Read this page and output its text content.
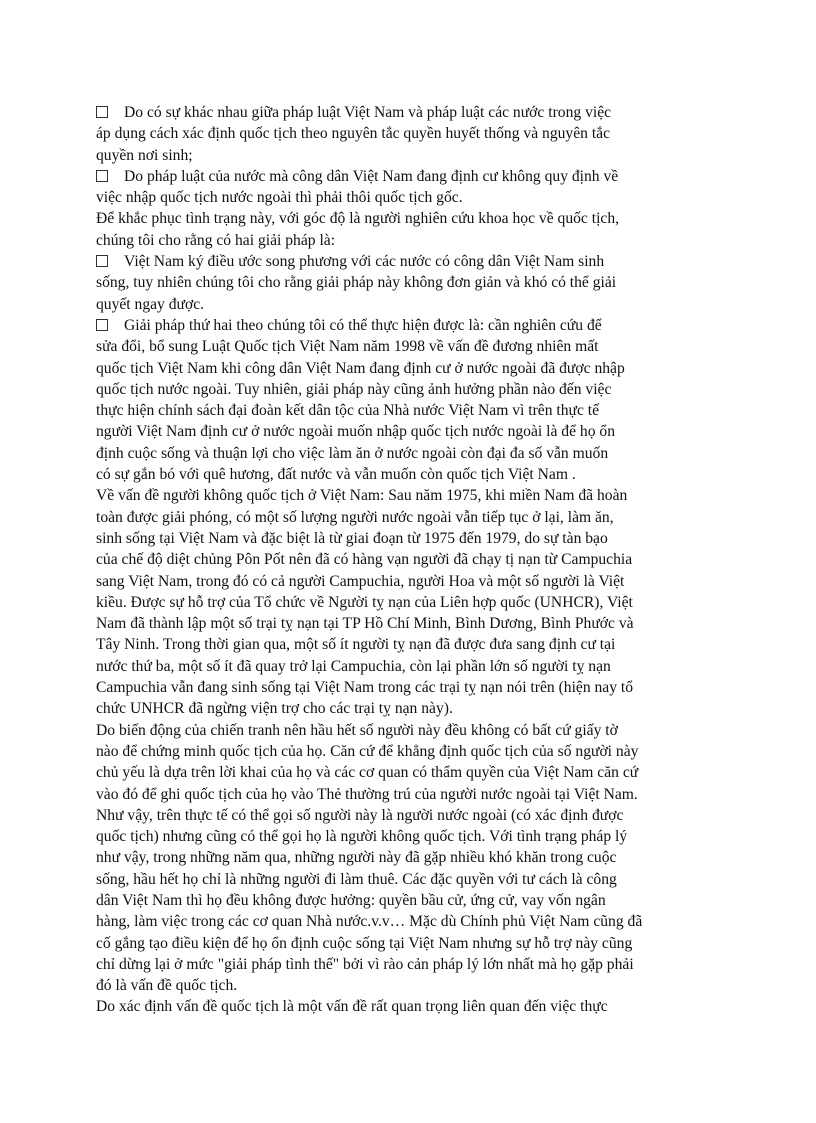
Do có sự khác nhau giữa pháp luật Việt Nam và pháp luật các nước trong việc
áp dụng cách xác định quốc tịch theo nguyên tắc quyền huyết thống và nguyên tắc
quyền nơi sinh;
Do pháp luật của nước mà công dân Việt Nam đang định cư không quy định về
việc nhập quốc tịch nước ngoài thì phải thôi quốc tịch gốc.
Để khắc phục tình trạng này, với góc độ là người nghiên cứu khoa học về quốc tịch,
chúng tôi cho rằng có hai giải pháp là:
Việt Nam ký điều ước song phương với các nước có công dân Việt Nam sinh
sống, tuy nhiên chúng tôi cho rằng giải pháp này không đơn giản và khó có thể giải
quyết ngay được.
Giải pháp thứ hai theo chúng tôi có thể thực hiện được là: cần nghiên cứu để
sửa đổi, bổ sung Luật Quốc tịch Việt Nam năm 1998 về vấn đề đương nhiên mất
quốc tịch Việt Nam khi công dân Việt Nam đang định cư ở nước ngoài đã được nhập
quốc tịch nước ngoài. Tuy nhiên, giải pháp này cũng ảnh hưởng phần nào đến việc
thực hiện chính sách đại đoàn kết dân tộc của Nhà nước Việt Nam vì trên thực tế
người Việt Nam định cư ở nước ngoài muốn nhập quốc tịch nước ngoài là để họ ổn
định cuộc sống và thuận lợi cho việc làm ăn ở nước ngoài còn đại đa số vẫn muốn
có sự gắn bó với quê hương, đất nước và vẫn muốn còn quốc tịch Việt Nam .
Về vấn đề người không quốc tịch ở Việt Nam: Sau năm 1975, khi miền Nam đã hoàn
toàn được giải phóng, có một số lượng người nước ngoài vẫn tiếp tục ở lại, làm ăn,
sinh sống tại Việt Nam và đặc biệt là từ giai đoạn từ 1975 đến 1979, do sự tàn bạo
của chế độ diệt chủng Pôn Pốt nên đã có hàng vạn người đã chạy tị nạn từ Campuchia
sang Việt Nam, trong đó có cả người Campuchia, người Hoa và một số người là Việt
kiều. Được sự hỗ trợ của Tổ chức về Người tỵ nạn của Liên hợp quốc (UNHCR), Việt
Nam đã thành lập một số trại tỵ nạn tại TP Hồ Chí Minh, Bình Dương, Bình Phước và
Tây Ninh. Trong thời gian qua, một số ít người tỵ nạn đã được đưa sang định cư tại
nước thứ ba, một số ít đã quay trở lại Campuchia, còn lại phần lớn số người tỵ nạn
Campuchia vẫn đang sinh sống tại Việt Nam trong các trại tỵ nạn nói trên (hiện nay tổ
chức UNHCR đã ngừng viện trợ cho các trại tỵ nạn này).
Do biến động của chiến tranh nên hầu hết số người này đều không có bất cứ giấy tờ
nào để chứng minh quốc tịch của họ. Căn cứ để khẳng định quốc tịch của số người này
chủ yếu là dựa trên lời khai của họ và các cơ quan có thẩm quyền của Việt Nam căn cứ
vào đó để ghi quốc tịch của họ vào Thẻ thường trú của người nước ngoài tại Việt Nam.
Như vậy, trên thực tế có thể gọi số người này là người nước ngoài (có xác định được
quốc tịch) nhưng cũng có thể gọi họ là người không quốc tịch. Với tình trạng pháp lý
như vậy, trong những năm qua, những người này đã gặp nhiều khó khăn trong cuộc
sống, hầu hết họ chỉ là những người đi làm thuê. Các đặc quyền với tư cách là công
dân Việt Nam thì họ đều không được hưởng: quyền bầu cử, ứng cử, vay vốn ngân
hàng, làm việc trong các cơ quan Nhà nước.v.v… Mặc dù Chính phủ Việt Nam cũng đã
cố gắng tạo điều kiện để họ ổn định cuộc sống tại Việt Nam nhưng sự hỗ trợ này cũng
chỉ dừng lại ở mức "giải pháp tình thế" bởi vì rào cản pháp lý lớn nhất mà họ gặp phải
đó là vấn đề quốc tịch.
Do xác định vấn đề quốc tịch là một vấn đề rất quan trọng liên quan đến việc thực
